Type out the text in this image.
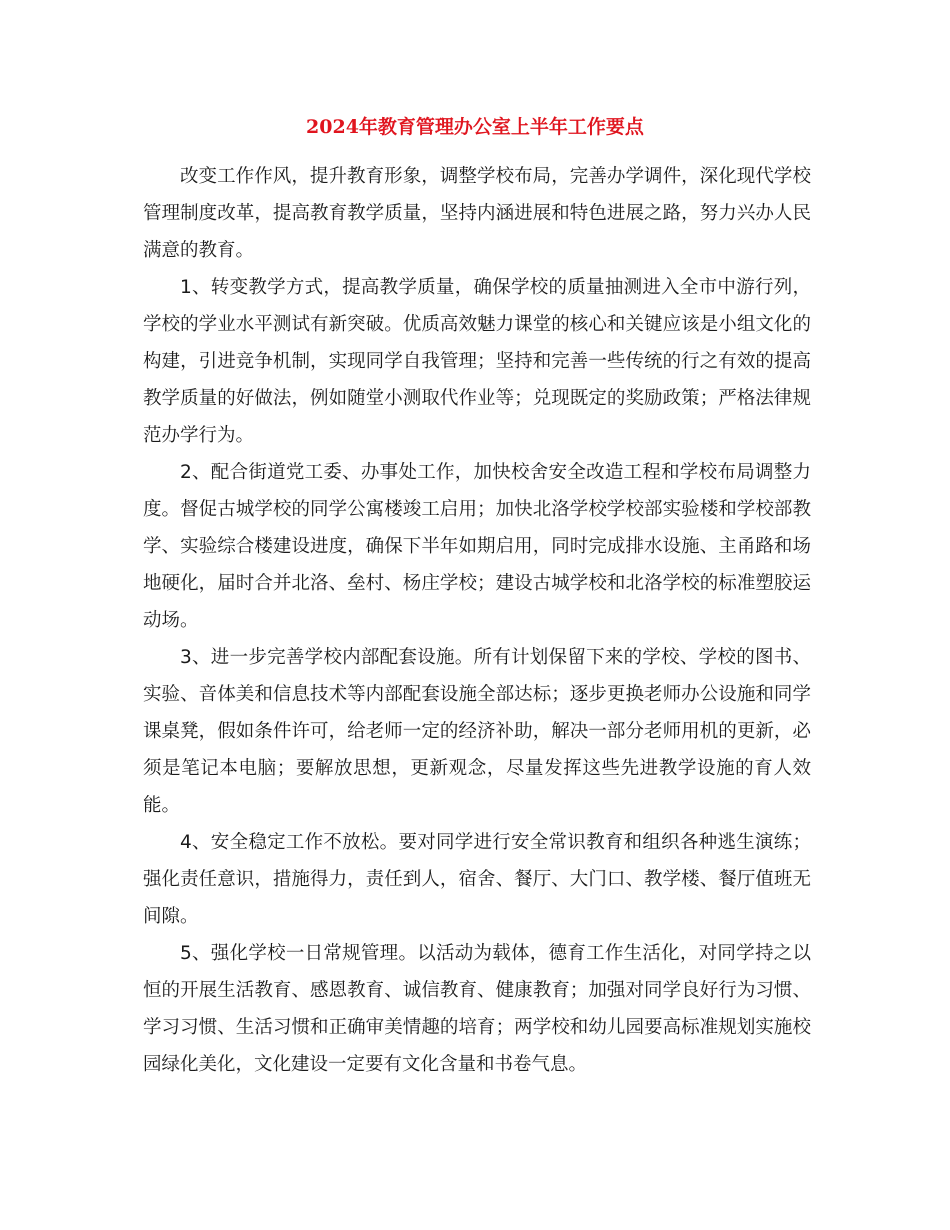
2024年教育管理办公室上半年工作要点

改变工作作风，提升教育形象，调整学校布局，完善办学调件，深化现代学校管理制度改革，提高教育教学质量，坚持内涵进展和特色进展之路，努力兴办人民满意的教育。

1、转变教学方式，提高教学质量，确保学校的质量抽测进入全市中游行列，学校的学业水平测试有新突破。优质高效魅力课堂的核心和关键应该是小组文化的构建，引进竞争机制，实现同学自我管理；坚持和完善一些传统的行之有效的提高教学质量的好做法，例如随堂小测取代作业等；兑现既定的奖励政策；严格法律规范办学行为。

2、配合街道党工委、办事处工作，加快校舍安全改造工程和学校布局调整力度。督促古城学校的同学公寓楼竣工启用；加快北洛学校学校部实验楼和学校部教学、实验综合楼建设进度，确保下半年如期启用，同时完成排水设施、主甬路和场地硬化，届时合并北洛、垒村、杨庄学校；建设古城学校和北洛学校的标准塑胶运动场。

3、进一步完善学校内部配套设施。所有计划保留下来的学校、学校的图书、实验、音体美和信息技术等内部配套设施全部达标；逐步更换老师办公设施和同学课桌凳，假如条件许可，给老师一定的经济补助，解决一部分老师用机的更新，必须是笔记本电脑；要解放思想，更新观念，尽量发挥这些先进教学设施的育人效能。

4、安全稳定工作不放松。要对同学进行安全常识教育和组织各种逃生演练；强化责任意识，措施得力，责任到人，宿舍、餐厅、大门口、教学楼、餐厅值班无间隙。

5、强化学校一日常规管理。以活动为载体，德育工作生活化，对同学持之以恒的开展生活教育、感恩教育、诚信教育、健康教育；加强对同学良好行为习惯、学习习惯、生活习惯和正确审美情趣的培育；两学校和幼儿园要高标准规划实施校园绿化美化，文化建设一定要有文化含量和书卷气息。
